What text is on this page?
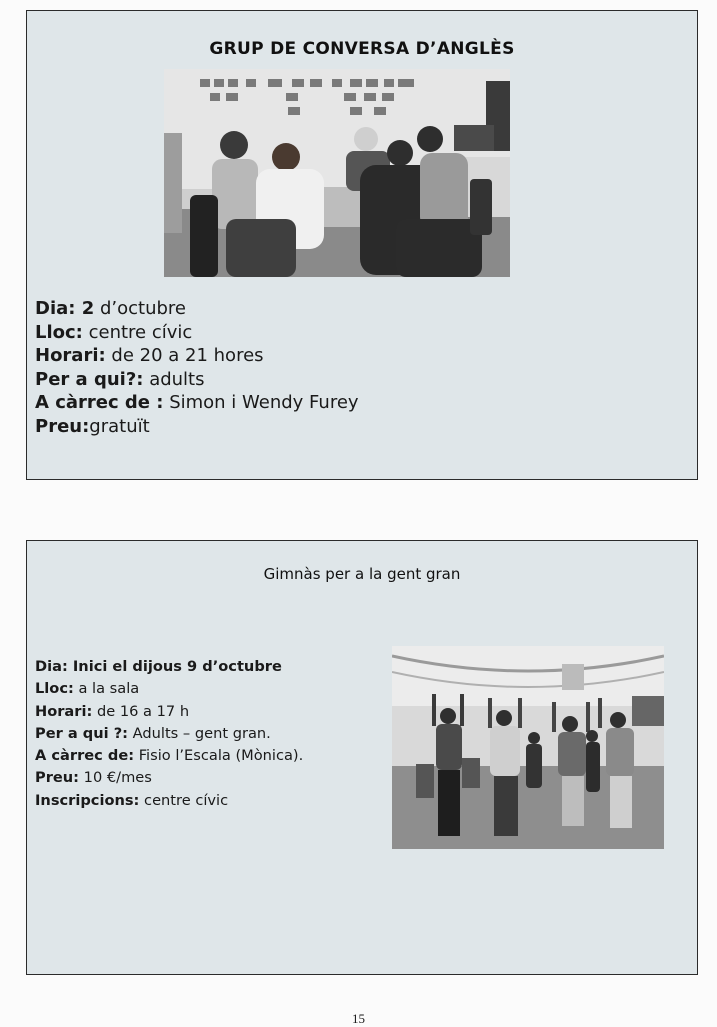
GRUP DE CONVERSA D’ANGLÈS
Dia: 2 d’octubre
Lloc: centre cívic
Horari: de 20 a 21 hores
Per a qui?: adults
A càrrec de : Simon i Wendy Furey
Preu:gratuït
Gimnàs per a la gent gran
Dia: Inici el dijous 9 d’octubre
Lloc: a la sala
Horari: de 16 a 17 h
Per a qui ?: Adults – gent gran.
A càrrec de: Fisio l’Escala (Mònica).
Preu: 10 €/mes
Inscripcions: centre cívic
15
